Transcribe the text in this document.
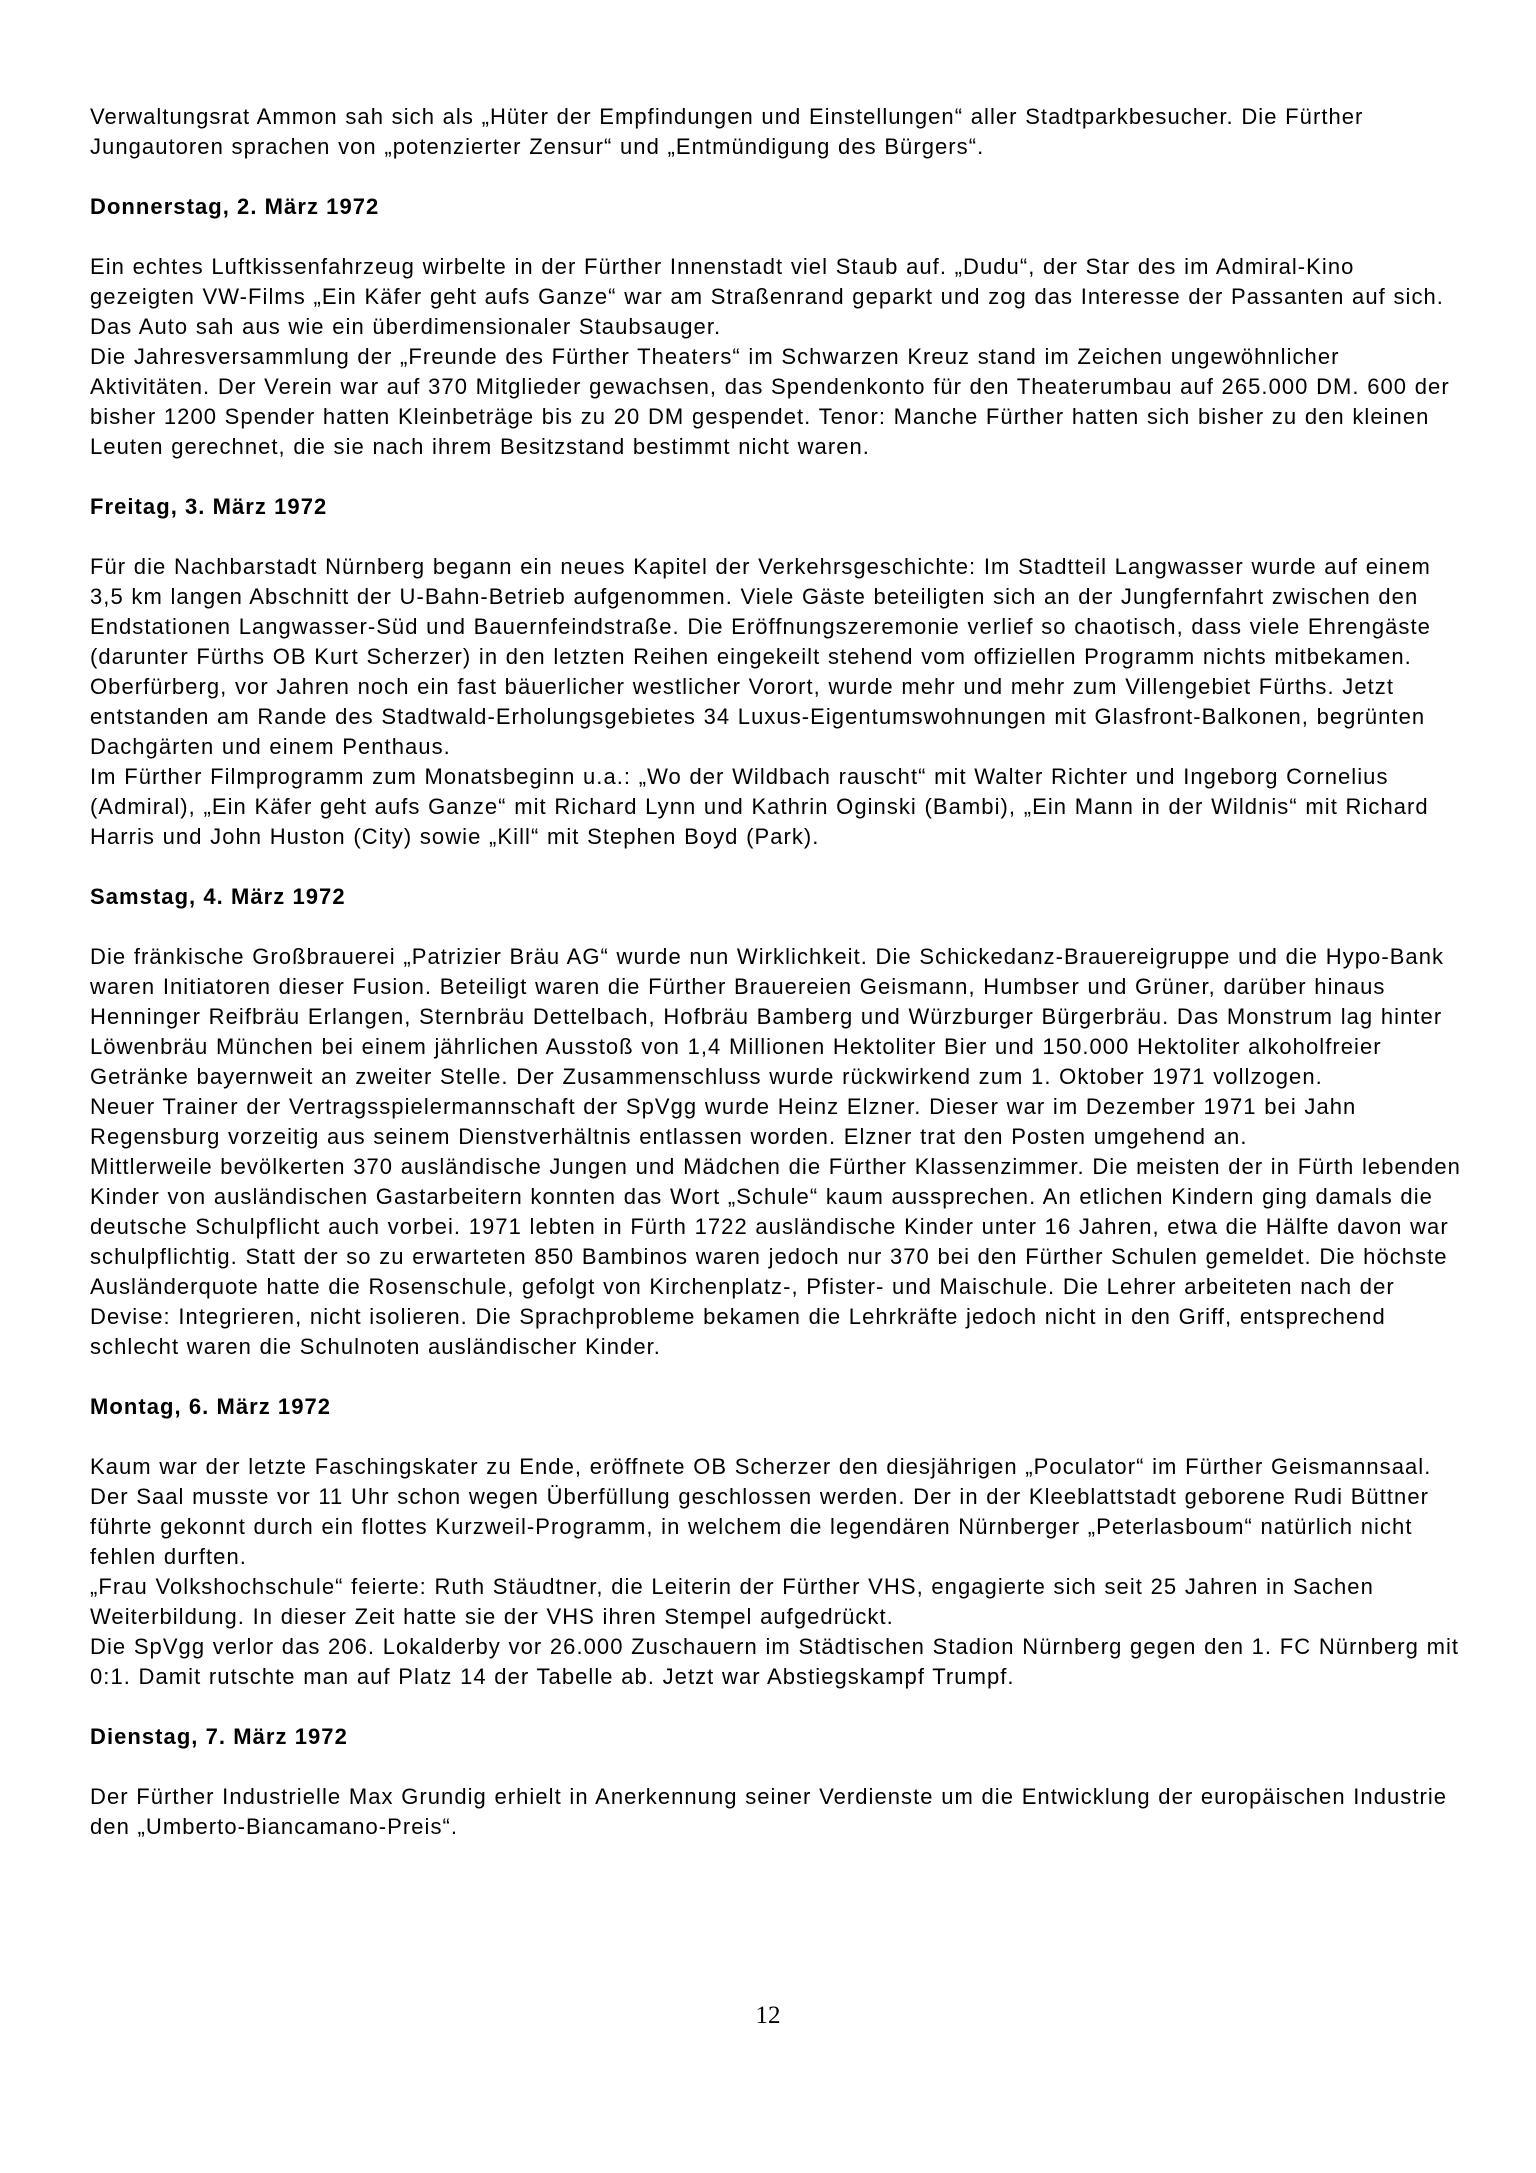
Verwaltungsrat Ammon sah sich als „Hüter der Empfindungen und Einstellungen“ aller Stadtparkbesucher. Die Fürther Jungautoren sprachen von „potenzierter Zensur“ und „Entmündigung des Bürgers“.

Donnerstag, 2. März 1972

Ein echtes Luftkissenfahrzeug wirbelte in der Fürther Innenstadt viel Staub auf. „Dudu“, der Star des im Admiral-Kino gezeigten VW-Films „Ein Käfer geht aufs Ganze“ war am Straßenrand geparkt und zog das Interesse der Passanten auf sich. Das Auto sah aus wie ein überdimensionaler Staubsauger.

Die Jahresversammlung der „Freunde des Fürther Theaters“ im Schwarzen Kreuz stand im Zeichen ungewöhnlicher Aktivitäten. Der Verein war auf 370 Mitglieder gewachsen, das Spendenkonto für den Theaterumbau auf 265.000 DM. 600 der bisher 1200 Spender hatten Kleinbeträge bis zu 20 DM gespendet. Tenor: Manche Fürther hatten sich bisher zu den kleinen Leuten gerechnet, die sie nach ihrem Besitzstand bestimmt nicht waren.

Freitag, 3. März 1972

Für die Nachbarstadt Nürnberg begann ein neues Kapitel der Verkehrsgeschichte: Im Stadtteil Langwasser wurde auf einem 3,5 km langen Abschnitt der U-Bahn-Betrieb aufgenommen. Viele Gäste beteiligten sich an der Jungfernfahrt zwischen den Endstationen Langwasser-Süd und Bauernfeindstraße. Die Eröffnungszeremonie verlief so chaotisch, dass viele Ehrengäste (darunter Fürths OB Kurt Scherzer) in den letzten Reihen eingekeilt stehend vom offiziellen Programm nichts mitbekamen.

Oberfürberg, vor Jahren noch ein fast bäuerlicher westlicher Vorort, wurde mehr und mehr zum Villengebiet Fürths. Jetzt entstanden am Rande des Stadtwald-Erholungsgebietes 34 Luxus-Eigentumswohnungen mit Glasfront-Balkonen, begrünten Dachgärten und einem Penthaus.

Im Fürther Filmprogramm zum Monatsbeginn u.a.: „Wo der Wildbach rauscht“ mit Walter Richter und Ingeborg Cornelius (Admiral), „Ein Käfer geht aufs Ganze“ mit Richard Lynn und Kathrin Oginski (Bambi), „Ein Mann in der Wildnis“ mit Richard Harris und John Huston (City) sowie „Kill“ mit Stephen Boyd (Park).

Samstag, 4. März 1972

Die fränkische Großbrauerei „Patrizier Bräu AG“ wurde nun Wirklichkeit. Die Schickedanz-Brauereigruppe und die Hypo-Bank waren Initiatoren dieser Fusion. Beteiligt waren die Fürther Brauereien Geismann, Humbser und Grüner, darüber hinaus Henninger Reifbräu Erlangen, Sternbräu Dettelbach, Hofbräu Bamberg und Würzburger Bürgerbräu. Das Monstrum lag hinter Löwenbräu München bei einem jährlichen Ausstoß von 1,4 Millionen Hektoliter Bier und 150.000 Hektoliter alkoholfreier Getränke bayernweit an zweiter Stelle. Der Zusammenschluss wurde rückwirkend zum 1. Oktober 1971 vollzogen.

Neuer Trainer der Vertragsspielermannschaft der SpVgg wurde Heinz Elzner. Dieser war im Dezember 1971 bei Jahn Regensburg vorzeitig aus seinem Dienstverhältnis entlassen worden. Elzner trat den Posten umgehend an.

Mittlerweile bevölkerten 370 ausländische Jungen und Mädchen die Fürther Klassenzimmer. Die meisten der in Fürth lebenden Kinder von ausländischen Gastarbeitern konnten das Wort „Schule“ kaum aussprechen. An etlichen Kindern ging damals die deutsche Schulpflicht auch vorbei. 1971 lebten in Fürth 1722 ausländische Kinder unter 16 Jahren, etwa die Hälfte davon war schulpflichtig. Statt der so zu erwarteten 850 Bambinos waren jedoch nur 370 bei den Fürther Schulen gemeldet. Die höchste Ausländerquote hatte die Rosenschule, gefolgt von Kirchenplatz-, Pfister- und Maischule. Die Lehrer arbeiteten nach der Devise: Integrieren, nicht isolieren. Die Sprachprobleme bekamen die Lehrkräfte jedoch nicht in den Griff, entsprechend schlecht waren die Schulnoten ausländischer Kinder.

Montag, 6. März 1972

Kaum war der letzte Faschingskater zu Ende, eröffnete OB Scherzer den diesjährigen „Poculator“ im Fürther Geismannsaal. Der Saal musste vor 11 Uhr schon wegen Überfüllung geschlossen werden. Der in der Kleeblattstadt geborene Rudi Büttner führte gekonnt durch ein flottes Kurzweil-Programm, in welchem die legendären Nürnberger „Peterlasboum“ natürlich nicht fehlen durften.

„Frau Volkshochschule“ feierte: Ruth Stäudtner, die Leiterin der Fürther VHS, engagierte sich seit 25 Jahren in Sachen Weiterbildung. In dieser Zeit hatte sie der VHS ihren Stempel aufgedrückt.

Die SpVgg verlor das 206. Lokalderby vor 26.000 Zuschauern im Städtischen Stadion Nürnberg gegen den 1. FC Nürnberg mit 0:1. Damit rutschte man auf Platz 14 der Tabelle ab. Jetzt war Abstiegskampf Trumpf.

Dienstag, 7. März 1972

Der Fürther Industrielle Max Grundig erhielt in Anerkennung seiner Verdienste um die Entwicklung der europäischen Industrie den „Umberto-Biancamano-Preis“.

12
